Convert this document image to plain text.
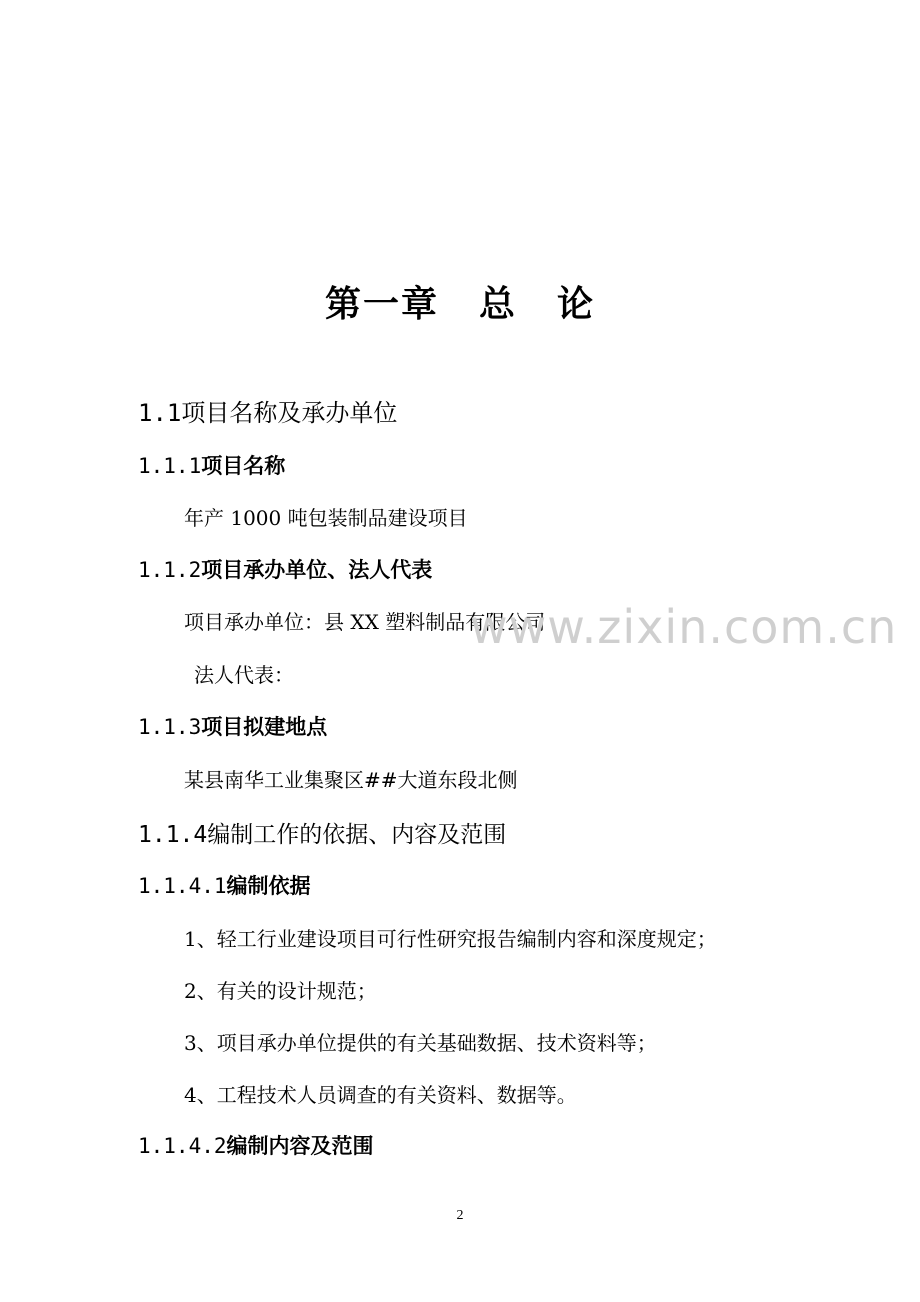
第一章 总 论
1.1项目名称及承办单位
1.1.1项目名称
年产 1000 吨包装制品建设项目
1.1.2项目承办单位、法人代表
项目承办单位：县 XX 塑料制品有限公司
www.zixin.com.cn
法人代表：
1.1.3项目拟建地点
某县南华工业集聚区##大道东段北侧
1.1.4编制工作的依据、内容及范围
1.1.4.1编制依据
1、轻工行业建设项目可行性研究报告编制内容和深度规定；
2、有关的设计规范；
3、项目承办单位提供的有关基础数据、技术资料等；
4、工程技术人员调查的有关资料、数据等。
1.1.4.2编制内容及范围
2
